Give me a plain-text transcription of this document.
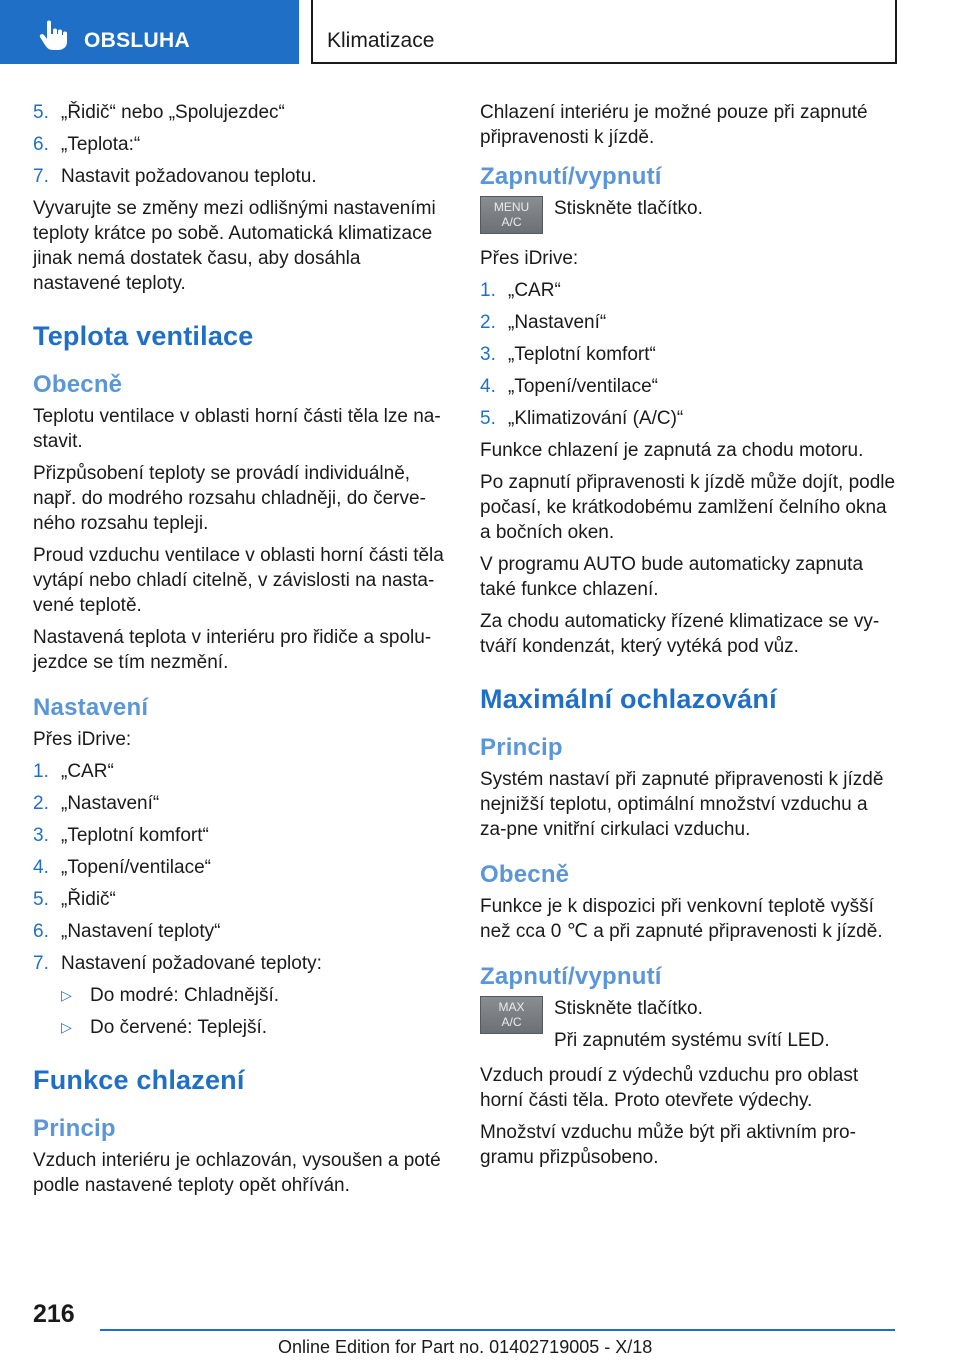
OBSLUHA	Klimatizace
5. „Řidič“ nebo „Spolujezdec“
6. „Teplota:“
7. Nastavit požadovanou teplotu.

Vyvarujte se změny mezi odlišnými nastaveními teploty krátce po sobě. Automatická klimatizace jinak nemá dostatek času, aby dosáhla nastavené teploty.

Teplota ventilace
Obecně

Teplotu ventilace v oblasti horní části těla lze na-stavit.

Přizpůsobení teploty se provádí individuálně, např. do modrého rozsahu chladněji, do červe-ného rozsahu tepleji.

Proud vzduchu ventilace v oblasti horní části těla vytápí nebo chladí citelně, v závislosti na nasta-vené teplotě.

Nastavená teplota v interiéru pro řidiče a spolu-jezdce se tím nezmění.

Nastavení

Přes iDrive:

1. „CAR“
2. „Nastavení“
3. „Teplotní komfort“
4. „Topení/ventilace“
5. „Řidič“
6. „Nastavení teploty“
7. Nastavení požadované teploty:
▷ Do modré: Chladnější.
▷ Do červené: Teplejší.
Funkce chlazení
Princip

Vzduch interiéru je ochlazován, vysoušen a poté podle nastavené teploty opět ohříván.

Chlazení interiéru je možné pouze při zapnuté připravenosti k jízdě.

Zapnutí/vypnutí
MENU
A/C

Stiskněte tlačítko.

Přes iDrive:

1. „CAR“
2. „Nastavení“
3. „Teplotní komfort“
4. „Topení/ventilace“
5. „Klimatizování (A/C)“

Funkce chlazení je zapnutá za chodu motoru.

Po zapnutí připravenosti k jízdě může dojít, podle počasí, ke krátkodobému zamlžení čelního okna a bočních oken.

V programu AUTO bude automaticky zapnuta také funkce chlazení.

Za chodu automaticky řízené klimatizace se vy-tváří kondenzát, který vytéká pod vůz.

Maximální ochlazování
Princip

Systém nastaví při zapnuté připravenosti k jízdě nejnižší teplotu, optimální množství vzduchu a za-pne vnitřní cirkulaci vzduchu.

Obecně

Funkce je k dispozici při venkovní teplotě vyšší než cca 0 ℃ a při zapnuté připravenosti k jízdě.

Zapnutí/vypnutí
MAX
A/C

Stiskněte tlačítko.

Při zapnutém systému svítí LED.

Vzduch proudí z výdechů vzduchu pro oblast horní části těla. Proto otevřete výdechy.

Množství vzduchu může být při aktivním pro-gramu přizpůsobeno.

216
Online Edition for Part no. 01402719005 - X/18
